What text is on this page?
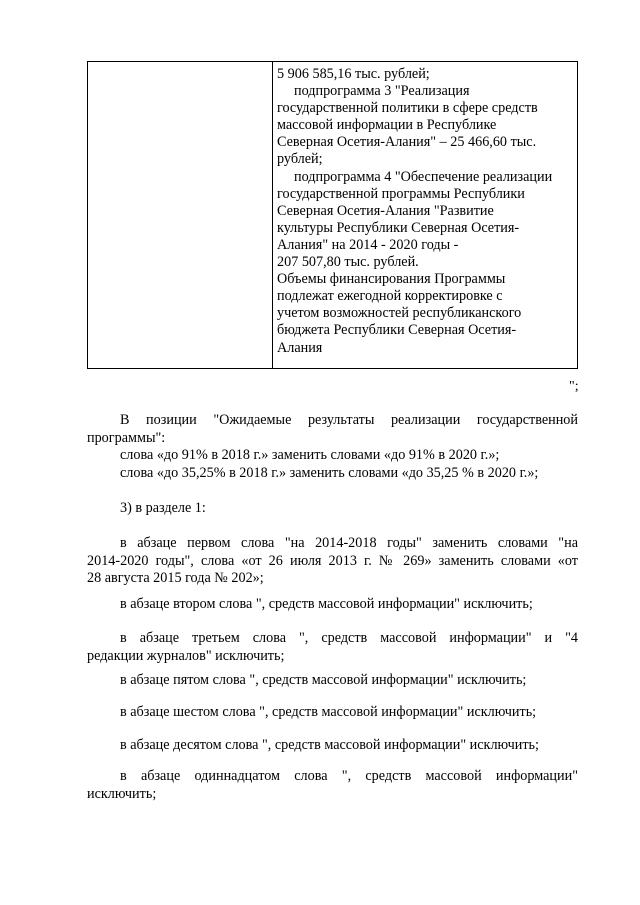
5 906 585,16 тыс. рублей;
подпрограмма 3 "Реализация
государственной политики в сфере средств
массовой информации в Республике
Северная Осетия-Алания" – 25 466,60 тыс.
рублей;
подпрограмма 4 "Обеспечение реализации
государственной программы Республики
Северная Осетия-Алания "Развитие
культуры Республики Северная Осетия-
Алания" на 2014 - 2020 годы -
207 507,80 тыс. рублей.
Объемы финансирования Программы
подлежат ежегодной корректировке с
учетом возможностей республиканского
бюджета Республики Северная Осетия-
Алания
";
В позиции "Ожидаемые результаты реализации государственной
программы":
слова «до 91% в 2018 г.» заменить словами «до 91% в 2020 г.»;
слова «до 35,25% в 2018 г.» заменить словами «до 35,25 % в 2020 г.»;
3) в разделе 1:
в абзаце первом слова "на 2014-2018 годы" заменить словами "на
2014-2020 годы", слова «от 26 июля 2013 г. № 269» заменить словами «от
28 августа 2015 года № 202»;
в абзаце втором слова ", средств массовой информации" исключить;
в абзаце третьем слова ", средств массовой информации" и "4
редакции журналов" исключить;
в абзаце пятом слова ", средств массовой информации" исключить;
в абзаце шестом слова ", средств массовой информации" исключить;
в абзаце десятом слова ", средств массовой информации" исключить;
в абзаце одиннадцатом слова ", средств массовой информации"
исключить;
